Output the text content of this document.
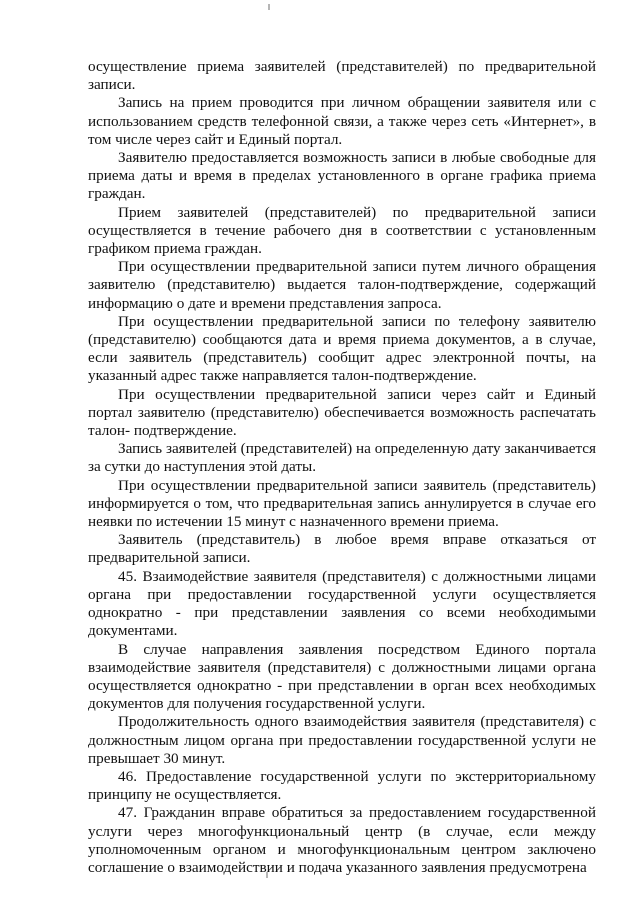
осуществление приема заявителей (представителей) по предварительной записи.

Запись на прием проводится при личном обращении заявителя или с использованием средств телефонной связи, а также через сеть «Интернет», в том числе через сайт и Единый портал.

Заявителю предоставляется возможность записи в любые свободные для приема даты и время в пределах установленного в органе графика приема граждан.

Прием заявителей (представителей) по предварительной записи осуществляется в течение рабочего дня в соответствии с установленным графиком приема граждан.

При осуществлении предварительной записи путем личного обращения заявителю (представителю) выдается талон-подтверждение, содержащий информацию о дате и времени представления запроса.

При осуществлении предварительной записи по телефону заявителю (представителю) сообщаются дата и время приема документов, а в случае, если заявитель (представитель) сообщит адрес электронной почты, на указанный адрес также направляется талон-подтверждение.

При осуществлении предварительной записи через сайт и Единый портал заявителю (представителю) обеспечивается возможность распечатать талон- подтверждение.

Запись заявителей (представителей) на определенную дату заканчивается за сутки до наступления этой даты.

При осуществлении предварительной записи заявитель (представитель) информируется о том, что предварительная запись аннулируется в случае его неявки по истечении 15 минут с назначенного времени приема.

Заявитель (представитель) в любое время вправе отказаться от предварительной записи.

45. Взаимодействие заявителя (представителя) с должностными лицами органа при предоставлении государственной услуги осуществляется однократно - при представлении заявления со всеми необходимыми документами.

В случае направления заявления посредством Единого портала взаимодействие заявителя (представителя) с должностными лицами органа осуществляется однократно - при представлении в орган всех необходимых документов для получения государственной услуги.

Продолжительность одного взаимодействия заявителя (представителя) с должностным лицом органа при предоставлении государственной услуги не превышает 30 минут.

46. Предоставление государственной услуги по экстерриториальному принципу не осуществляется.

47. Гражданин вправе обратиться за предоставлением государственной услуги через многофункциональный центр (в случае, если между уполномоченным органом и многофункциональным центром заключено соглашение о взаимодействии и подача указанного заявления предусмотрена
